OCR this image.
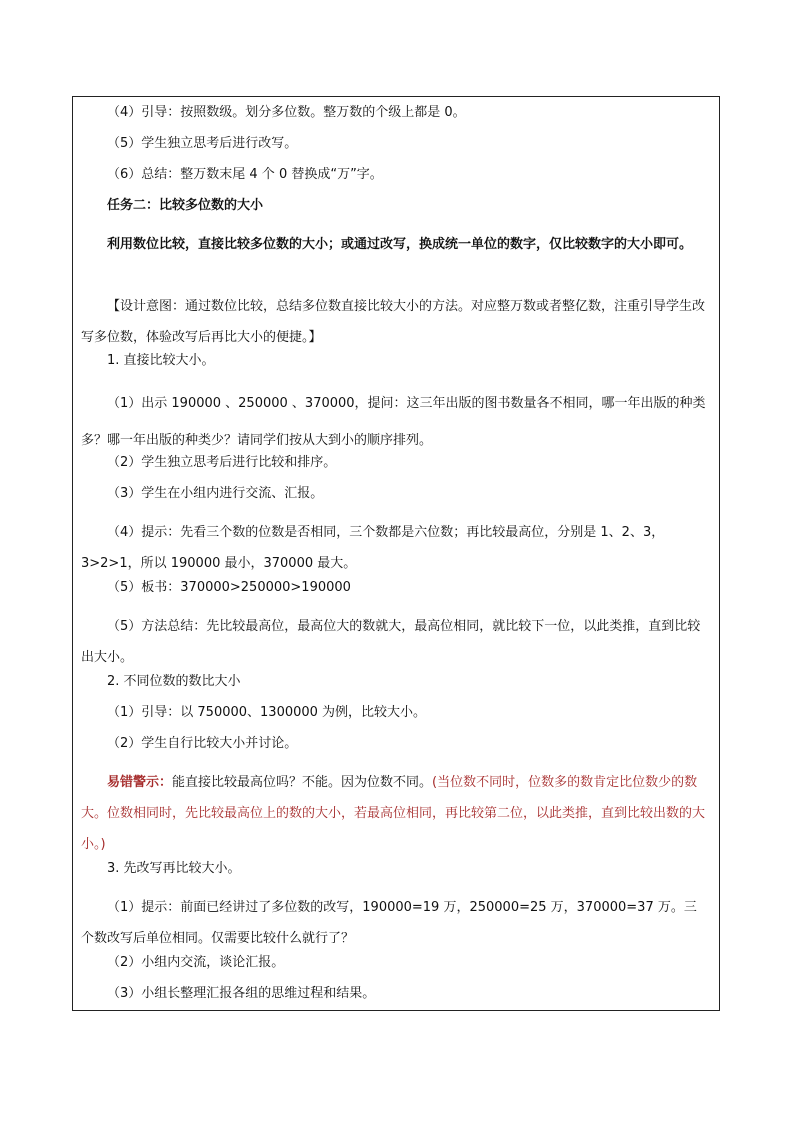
（4）引导：按照数级。划分多位数。整万数的个级上都是 0。

（5）学生独立思考后进行改写。

（6）总结：整万数末尾 4 个 0 替换成“万”字。

任务二：比较多位数的大小

利用数位比较，直接比较多位数的大小；或通过改写，换成统一单位的数字，仅比较数字的大小即可。

【设计意图：通过数位比较，总结多位数直接比较大小的方法。对应整万数或者整亿数，注重引导学生改写多位数，体验改写后再比大小的便捷。】

1. 直接比较大小。

（1）出示 190000 、250000 、370000，提问：这三年出版的图书数量各不相同，哪一年出版的种类多？哪一年出版的种类少？请同学们按从大到小的顺序排列。

（2）学生独立思考后进行比较和排序。

（3）学生在小组内进行交流、汇报。

（4）提示：先看三个数的位数是否相同，三个数都是六位数；再比较最高位，分别是 1、2、3，3>2>1，所以 190000 最小，370000 最大。

（5）板书：370000>250000>190000

（5）方法总结：先比较最高位，最高位大的数就大，最高位相同，就比较下一位，以此类推，直到比较出大小。

2. 不同位数的数比大小

（1）引导：以 750000、1300000 为例，比较大小。

（2）学生自行比较大小并讨论。

易错警示：能直接比较最高位吗？不能。因为位数不同。(当位数不同时，位数多的数肯定比位数少的数大。位数相同时，先比较最高位上的数的大小，若最高位相同，再比较第二位，以此类推，直到比较出数的大小。)

3. 先改写再比较大小。

（1）提示：前面已经讲过了多位数的改写，190000=19 万，250000=25 万，370000=37 万。三个数改写后单位相同。仅需要比较什么就行了？

（2）小组内交流，谈论汇报。

（3）小组长整理汇报各组的思维过程和结果。
